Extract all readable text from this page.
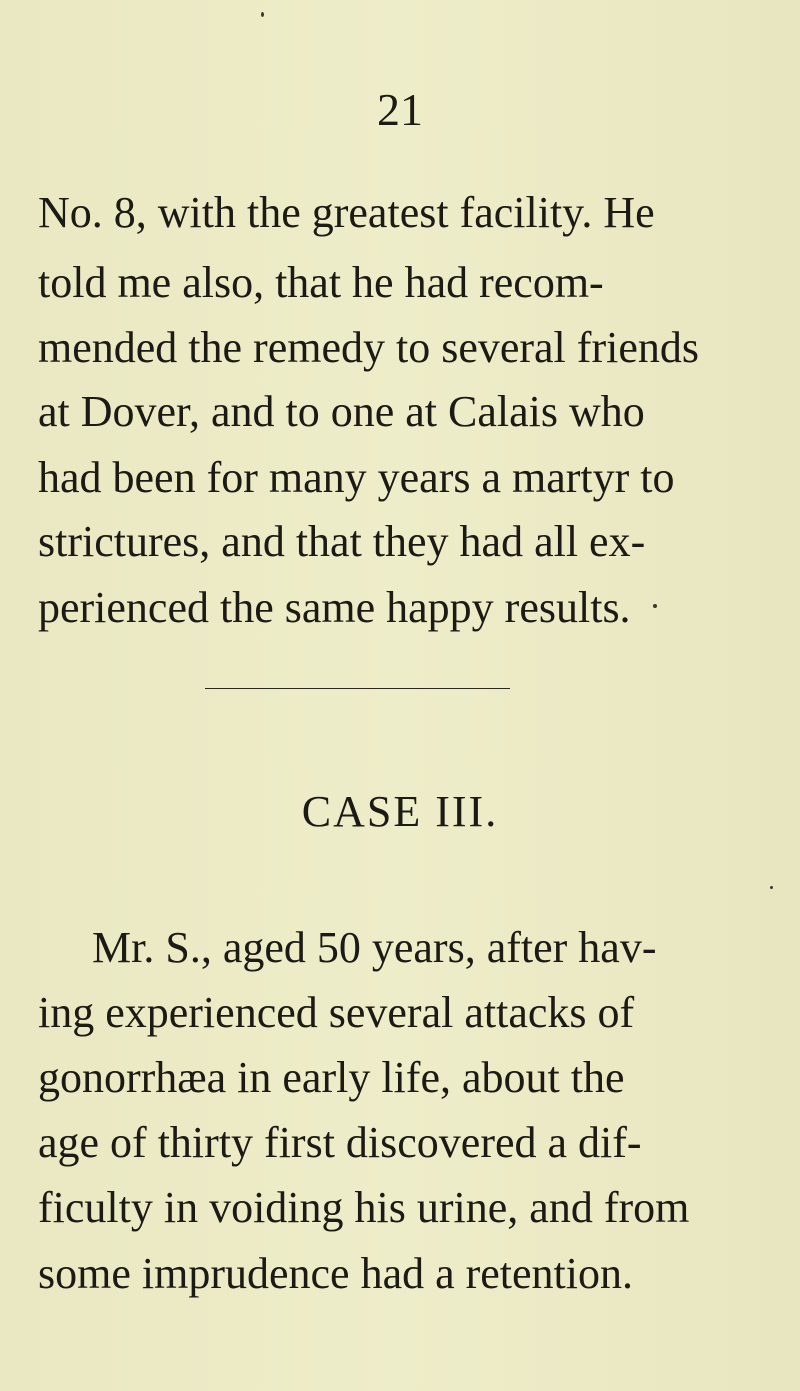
21
No. 8, with the greatest facility. He
told me also, that he had recom-
mended the remedy to several friends
at Dover, and to one at Calais who
had been for many years a martyr to
strictures, and that they had all ex-
perienced the same happy results.
CASE III.
Mr. S., aged 50 years, after hav-
ing experienced several attacks of
gonorrhæa in early life, about the
age of thirty first discovered a dif-
ficulty in voiding his urine, and from
some imprudence had a retention.
